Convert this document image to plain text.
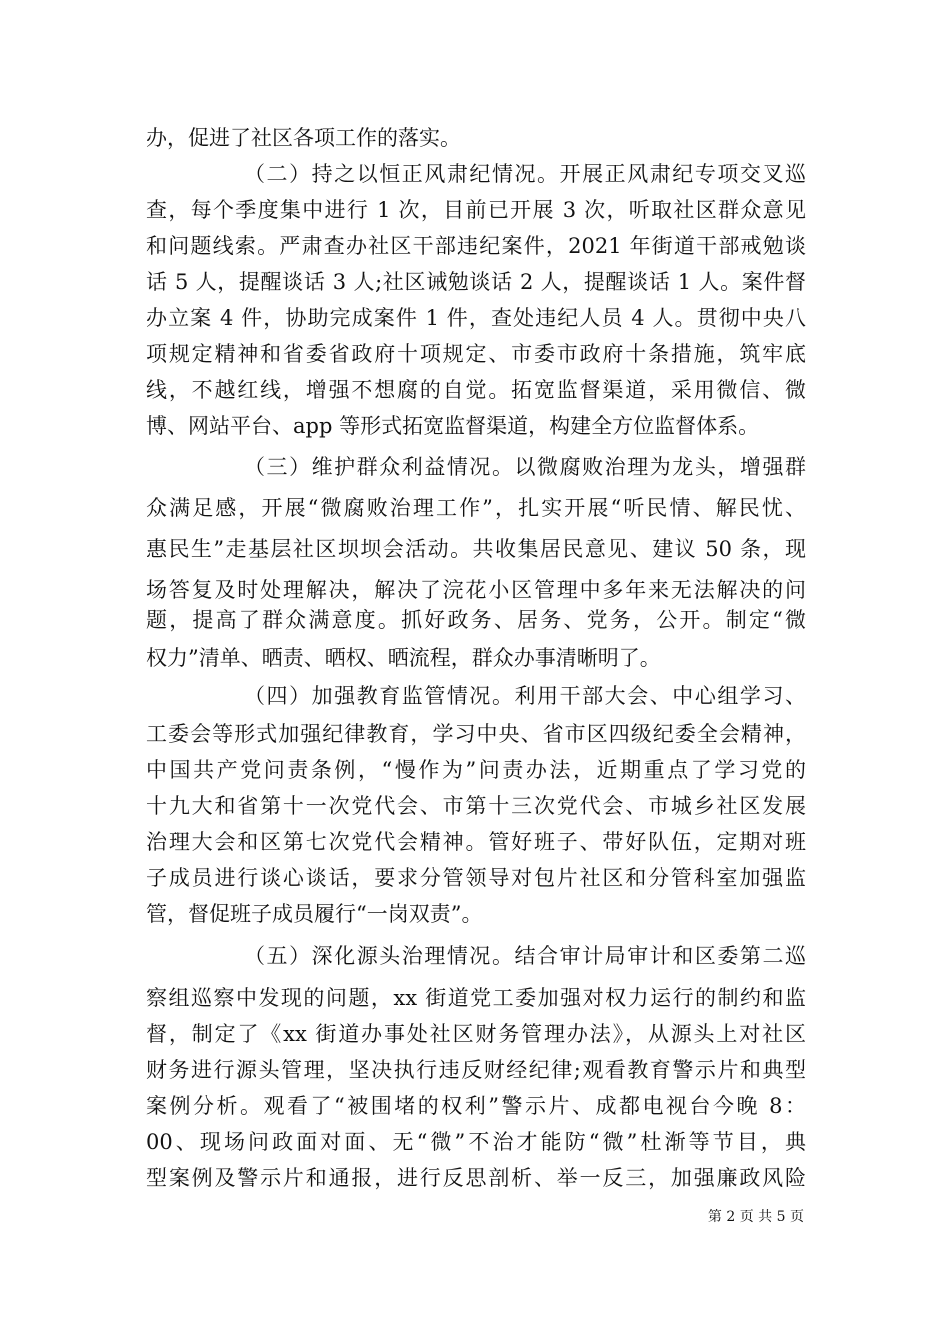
办，促进了社区各项工作的落实。
（二）持之以恒正风肃纪情况。开展正风肃纪专项交叉巡
查，每个季度集中进行 1 次，目前已开展 3 次，听取社区群众意见
和问题线索。严肃查办社区干部违纪案件，2021 年街道干部戒勉谈
话 5 人，提醒谈话 3 人;社区诫勉谈话 2 人，提醒谈话 1 人。案件督
办立案 4 件，协助完成案件 1 件，查处违纪人员 4 人。贯彻中央八
项规定精神和省委省政府十项规定、市委市政府十条措施，筑牢底
线，不越红线，增强不想腐的自觉。拓宽监督渠道，采用微信、微
博、网站平台、app 等形式拓宽监督渠道，构建全方位监督体系。
（三）维护群众利益情况。以微腐败治理为龙头，增强群
众满足感，开展“微腐败治理工作”，扎实开展“听民情、解民忧、
惠民生”走基层社区坝坝会活动。共收集居民意见、建议 50 条，现
场答复及时处理解决，解决了浣花小区管理中多年来无法解决的问
题，提高了群众满意度。抓好政务、居务、党务，公开。制定“微
权力”清单、晒责、晒权、晒流程，群众办事清晰明了。
（四）加强教育监管情况。利用干部大会、中心组学习、
工委会等形式加强纪律教育，学习中央、省市区四级纪委全会精神，
中国共产党问责条例，“慢作为”问责办法，近期重点了学习党的
十九大和省第十一次党代会、市第十三次党代会、市城乡社区发展
治理大会和区第七次党代会精神。管好班子、带好队伍，定期对班
子成员进行谈心谈话，要求分管领导对包片社区和分管科室加强监
管，督促班子成员履行“一岗双责”。
（五）深化源头治理情况。结合审计局审计和区委第二巡
察组巡察中发现的问题，xx 街道党工委加强对权力运行的制约和监
督，制定了《xx 街道办事处社区财务管理办法》，从源头上对社区
财务进行源头管理，坚决执行违反财经纪律;观看教育警示片和典型
案例分析。观看了“被围堵的权利”警示片、成都电视台今晚 8：
00、现场问政面对面、无“微”不治才能防“微”杜渐等节目，典
型案例及警示片和通报，进行反思剖析、举一反三，加强廉政风险
第 2 页 共 5 页
